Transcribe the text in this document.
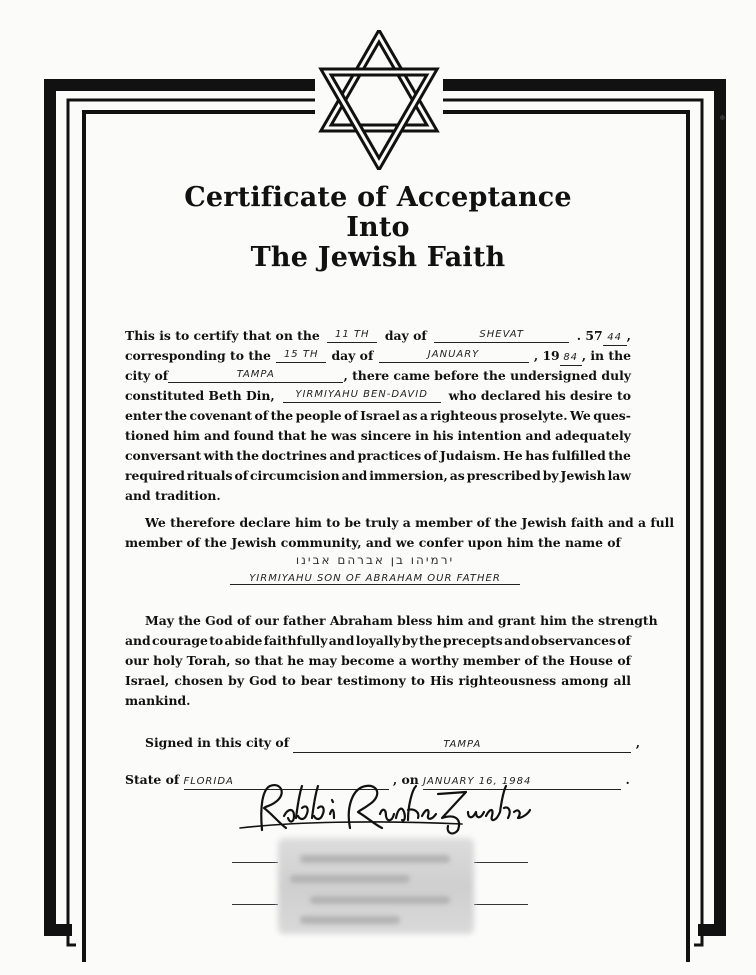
Certificate of Acceptance
Into
The Jewish Faith
This is to certify that on the	11 TH	day of	SHEVAT	. 57 44 ,
corresponding to the	15 TH	day of	JANUARY	, 19 84 , in the
city of	TAMPA	, there came before the undersigned duly
constituted Beth Din,	YIRMIYAHU BEN-DAVID	who declared his desire to
enter the covenant of the people of Israel as a righteous proselyte. We ques-
tioned him and found that he was sincere in his intention and adequately
conversant with the doctrines and practices of Judaism. He has fulfilled the
required rituals of circumcision and immersion, as prescribed by Jewish law
and tradition.
We therefore declare him to be truly a member of the Jewish faith and a full
member of the Jewish community, and we confer upon him the name of
May the God of our father Abraham bless him and grant him the strength
and courage to abide faithfully and loyally by the precepts and observances of
our holy Torah, so that he may become a worthy member of the House of
Israel, chosen by God to bear testimony to His righteousness among all
mankind.
Signed in this city of	TAMPA	,
State of FLORIDA	, on JANUARY 16, 1984	.
ירמיהו בן אברהם אבינו
YIRMIYAHU SON OF ABRAHAM OUR FATHER
